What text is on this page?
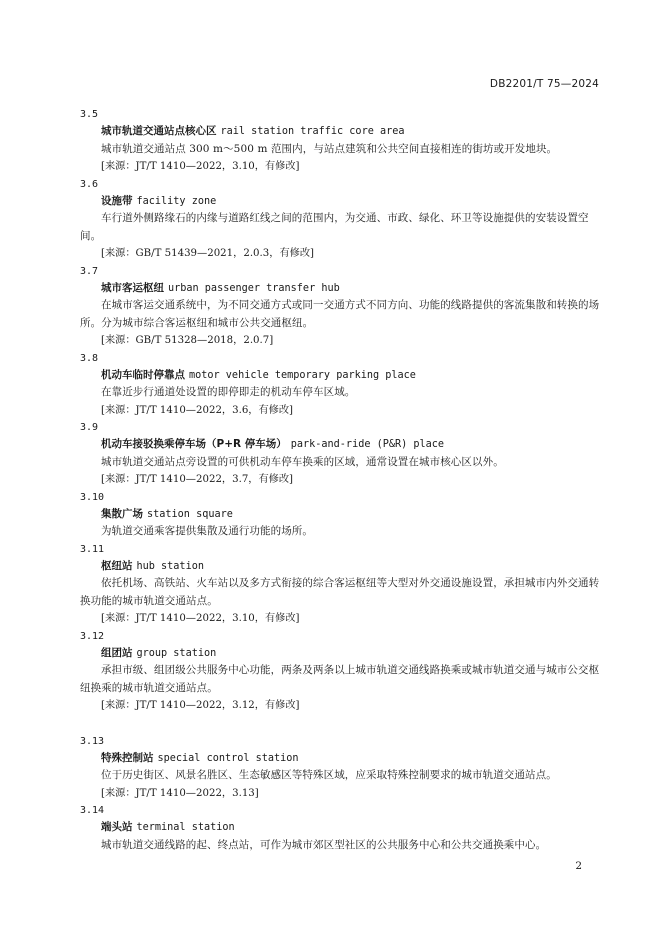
DB2201/T 75—2024
3.5
城市轨道交通站点核心区 rail station traffic core area

城市轨道交通站点 300 m～500 m 范围内，与站点建筑和公共空间直接相连的街坊或开发地块。

[来源：JT/T 1410—2022，3.10，有修改]
3.6
设施带 facility zone

车行道外侧路缘石的内缘与道路红线之间的范围内，为交通、市政、绿化、环卫等设施提供的安装设置空间。

[来源：GB/T 51439—2021，2.0.3，有修改]
3.7
城市客运枢纽 urban passenger transfer hub

在城市客运交通系统中，为不同交通方式或同一交通方式不同方向、功能的线路提供的客流集散和转换的场所。分为城市综合客运枢纽和城市公共交通枢纽。

[来源：GB/T 51328—2018，2.0.7]
3.8
机动车临时停靠点 motor vehicle temporary parking place

在靠近步行通道处设置的即停即走的机动车停车区域。

[来源：JT/T 1410—2022，3.6，有修改]
3.9
机动车接驳换乘停车场（P+R 停车场） park-and-ride (P&R) place

城市轨道交通站点旁设置的可供机动车停车换乘的区域，通常设置在城市核心区以外。

[来源：JT/T 1410—2022，3.7，有修改]
3.10
集散广场 station square

为轨道交通乘客提供集散及通行功能的场所。

3.11
枢纽站 hub station

依托机场、高铁站、火车站以及多方式衔接的综合客运枢纽等大型对外交通设施设置，承担城市内外交通转换功能的城市轨道交通站点。

[来源：JT/T 1410—2022，3.10，有修改]
3.12
组团站 group station

承担市级、组团级公共服务中心功能，两条及两条以上城市轨道交通线路换乘或城市轨道交通与城市公交枢纽换乘的城市轨道交通站点。

[来源：JT/T 1410—2022，3.12，有修改]
3.13
特殊控制站 special control station

位于历史街区、风景名胜区、生态敏感区等特殊区域，应采取特殊控制要求的城市轨道交通站点。

[来源：JT/T 1410—2022，3.13]
3.14
端头站 terminal station

城市轨道交通线路的起、终点站，可作为城市郊区型社区的公共服务中心和公共交通换乘中心。

2
